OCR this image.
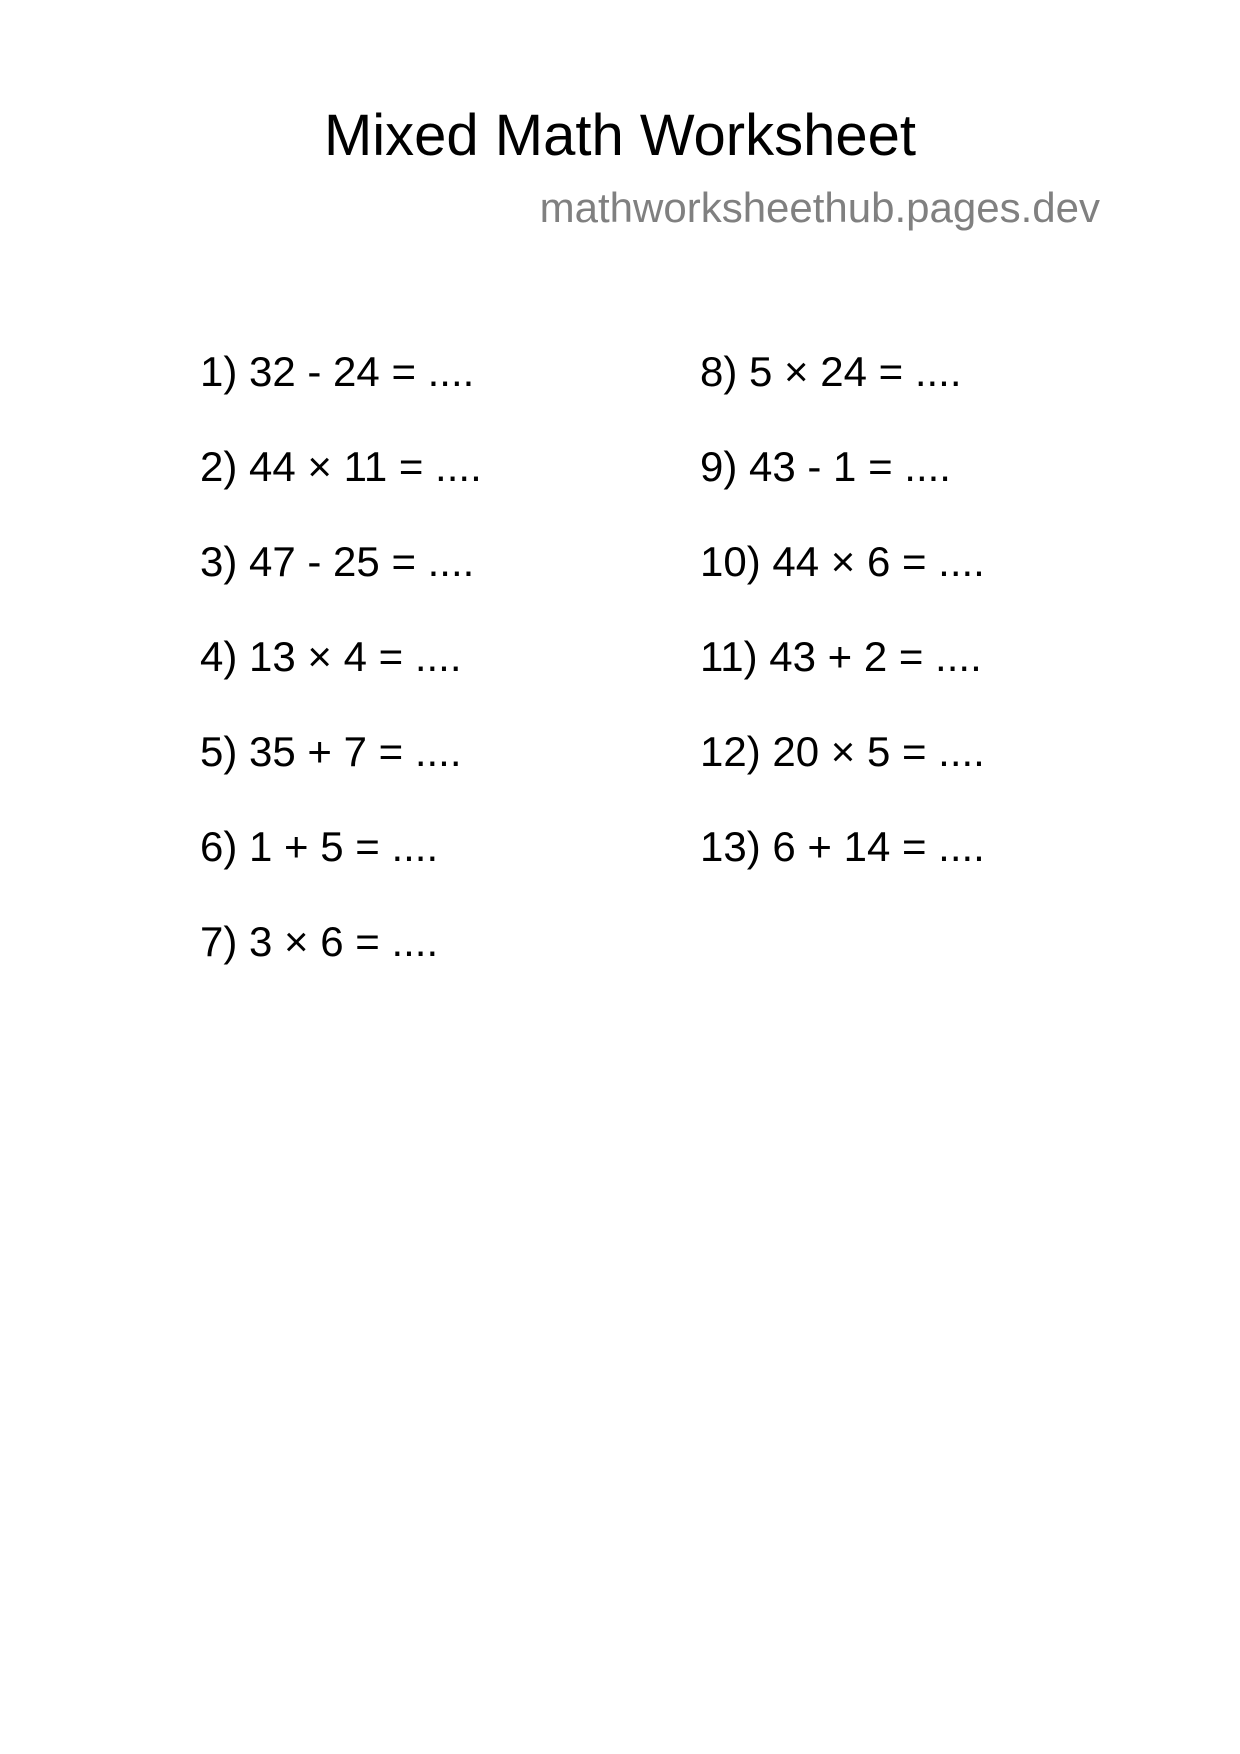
Mixed Math Worksheet
mathworksheethub.pages.dev
1) 32 - 24 = ....
2) 44 × 11 = ....
3) 47 - 25 = ....
4) 13 × 4 = ....
5) 35 + 7 = ....
6) 1 + 5 = ....
7) 3 × 6 = ....
8) 5 × 24 = ....
9) 43 - 1 = ....
10) 44 × 6 = ....
11) 43 + 2 = ....
12) 20 × 5 = ....
13) 6 + 14 = ....
